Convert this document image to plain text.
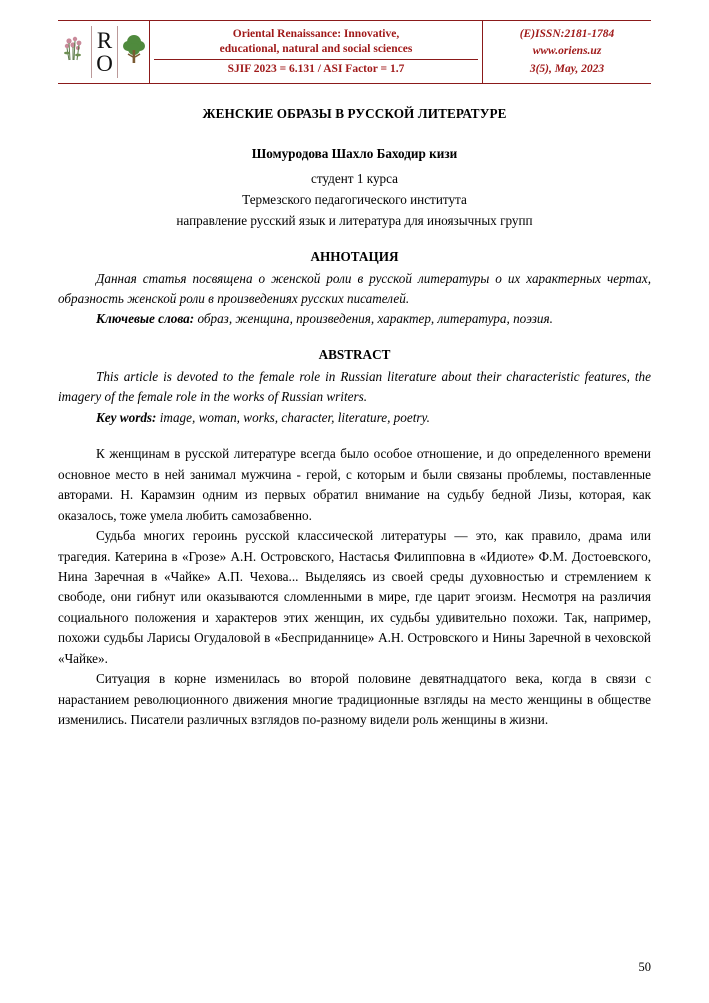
R
O
Oriental Renaissance: Innovative,
educational, natural and social sciences
SJIF 2023 = 6.131 / ASI Factor = 1.7
(E)ISSN:2181-1784
www.oriens.uz
3(5), May, 2023
ЖЕНСКИЕ ОБРАЗЫ В РУССКОЙ ЛИТЕРАТУРЕ
Шомуродова Шахло Баходир кизи
студент 1 курса
Термезского педагогического института
направление русский язык и литература для иноязычных групп
АННОТАЦИЯ

Данная статья посвящена о женской роли в русской литературы о их характерных чертах, образность женской роли в произведениях русских писателей.

Ключевые слова: образ, женщина, произведения, характер, литература, поэзия.

ABSTRACT

This article is devoted to the female role in Russian literature about their characteristic features, the imagery of the female role in the works of Russian writers.

Key words: image, woman, works, character, literature, poetry.

К женщинам в русской литературе всегда было особое отношение, и до определенного времени основное место в ней занимал мужчина - герой, с которым и были связаны проблемы, поставленные авторами. Н. Карамзин одним из первых обратил внимание на судьбу бедной Лизы, которая, как оказалось, тоже умела любить самозабвенно.

Судьба многих героинь русской классической литературы — это, как правило, драма или трагедия. Катерина в «Грозе» А.Н. Островского, Настасья Филипповна в «Идиоте» Ф.М. Достоевского, Нина Заречная в «Чайке» А.П. Чехова... Выделяясь из своей среды духовностью и стремлением к свободе, они гибнут или оказываются сломленными в мире, где царит эгоизм. Несмотря на различия социального положения и характеров этих женщин, их судьбы удивительно похожи. Так, например, похожи судьбы Ларисы Огудаловой в «Бесприданнице» А.Н. Островского и Нины Заречной в чеховской «Чайке».

Ситуация в корне изменилась во второй половине девятнадцатого века, когда в связи с нарастанием революционного движения многие традиционные взгляды на место женщины в обществе изменились. Писатели различных взглядов по-разному видели роль женщины в жизни.

50
